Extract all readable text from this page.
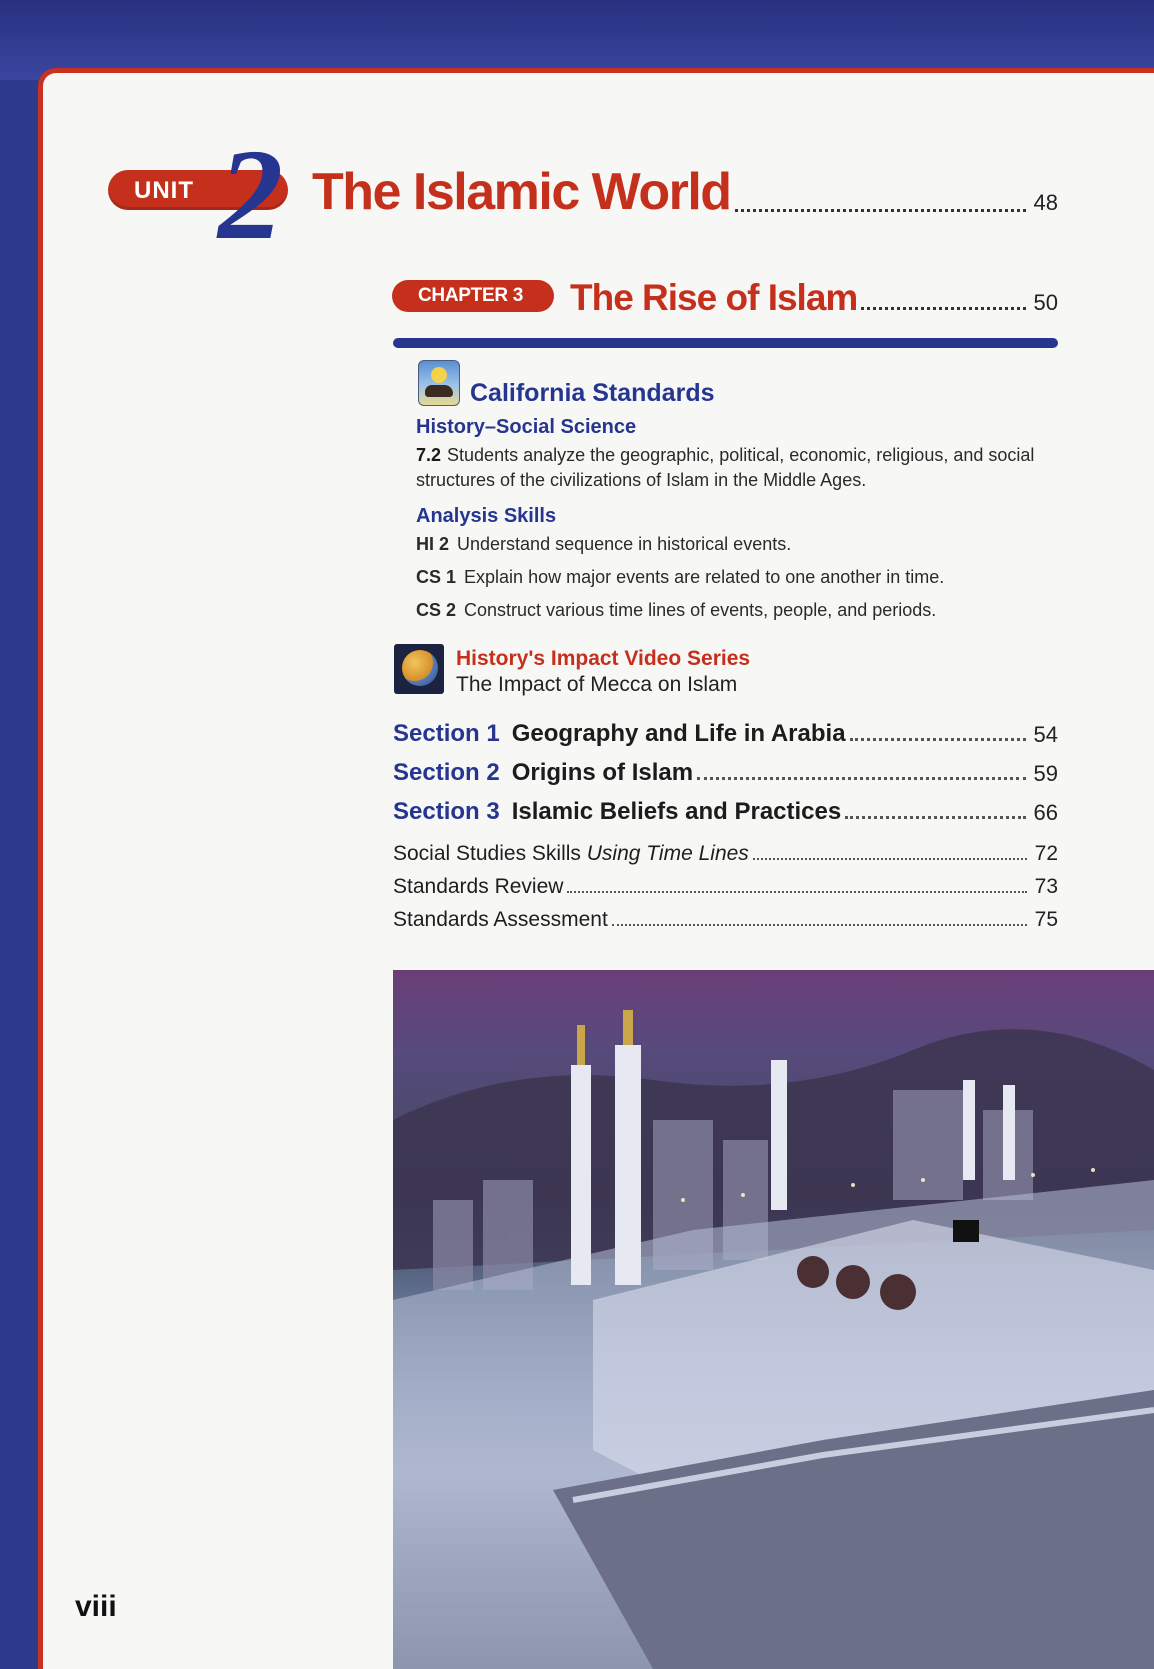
UNIT 2 The Islamic World	48
CHAPTER 3 The Rise of Islam	50
California Standards
History–Social Science
7.2 Students analyze the geographic, political, economic, religious, and social structures of the civilizations of Islam in the Middle Ages.
Analysis Skills
HI 2 Understand sequence in historical events.
CS 1 Explain how major events are related to one another in time.
CS 2 Construct various time lines of events, people, and periods.
History's Impact Video Series
The Impact of Mecca on Islam
Section 1 Geography and Life in Arabia	54
Section 2 Origins of Islam	59
Section 3 Islamic Beliefs and Practices	66
Social Studies Skills Using Time Lines	72
Standards Review	73
Standards Assessment	75
viii
